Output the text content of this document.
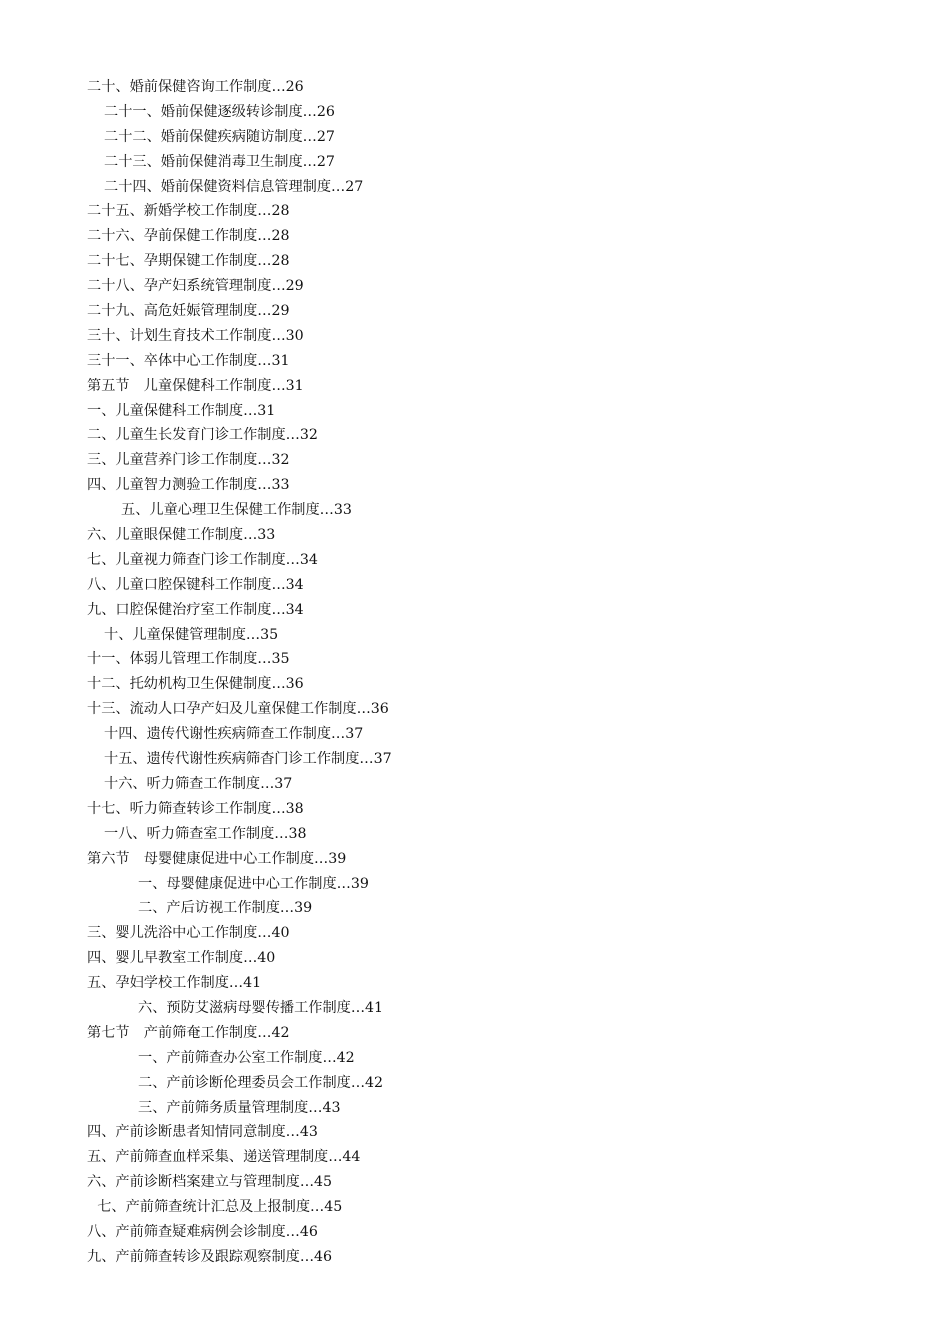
二十、婚前保健咨询工作制度…26
二十一、婚前保健逐级转诊制度…26
二十二、婚前保健疾病随访制度…27
二十三、婚前保健消毒卫生制度…27
二十四、婚前保健资料信息管理制度…27
二十五、新婚学校工作制度…28
二十六、孕前保健工作制度…28
二十七、孕期保键工作制度…28
二十八、孕产妇系统管理制度…29
二十九、高危妊娠管理制度…29
三十、计划生育技术工作制度…30
三十一、卒体中心工作制度…31
第五节　儿童保健科工作制度…31
一、儿童保健科工作制度…31
二、儿童生长发育门诊工作制度…32
三、儿童营养门诊工作制度…32
四、儿童智力测验工作制度…33
五、儿童心理卫生保健工作制度…33
六、儿童眼保健工作制度…33
七、儿童视力筛查门诊工作制度…34
八、儿童口腔保键科工作制度…34
九、口腔保健治疗室工作制度…34
十、儿童保健管理制度…35
十一、体弱儿管理工作制度…35
十二、托幼机构卫生保健制度…36
十三、流动人口孕产妇及儿童保健工作制度…36
十四、遗传代谢性疾病筛查工作制度…37
十五、遗传代谢性疾病筛杳门诊工作制度…37
十六、听力筛查工作制度…37
十七、听力筛查转诊工作制度…38
一八、听力筛查室工作制度…38
第六节　母婴健康促进中心工作制度…39
一、母婴健康促进中心工作制度…39
二、产后访视工作制度…39
三、婴儿洗浴中心工作制度…40
四、婴儿早教室工作制度…40
五、孕妇学校工作制度…41
六、预防艾滋病母婴传播工作制度…41
第七节　产前筛奄工作制度…42
一、产前筛查办公室工作制度…42
二、产前诊断伦理委员会工作制度…42
三、产前筛务质量管理制度…43
四、产前诊断患者知情同意制度…43
五、产前筛查血样采集、递送管理制度…44
六、产前诊断档案建立与管理制度…45
七、产前筛查统计汇总及上报制度…45
八、产前筛查疑难病例会诊制度…46
九、产前筛查转诊及跟踪观察制度…46
